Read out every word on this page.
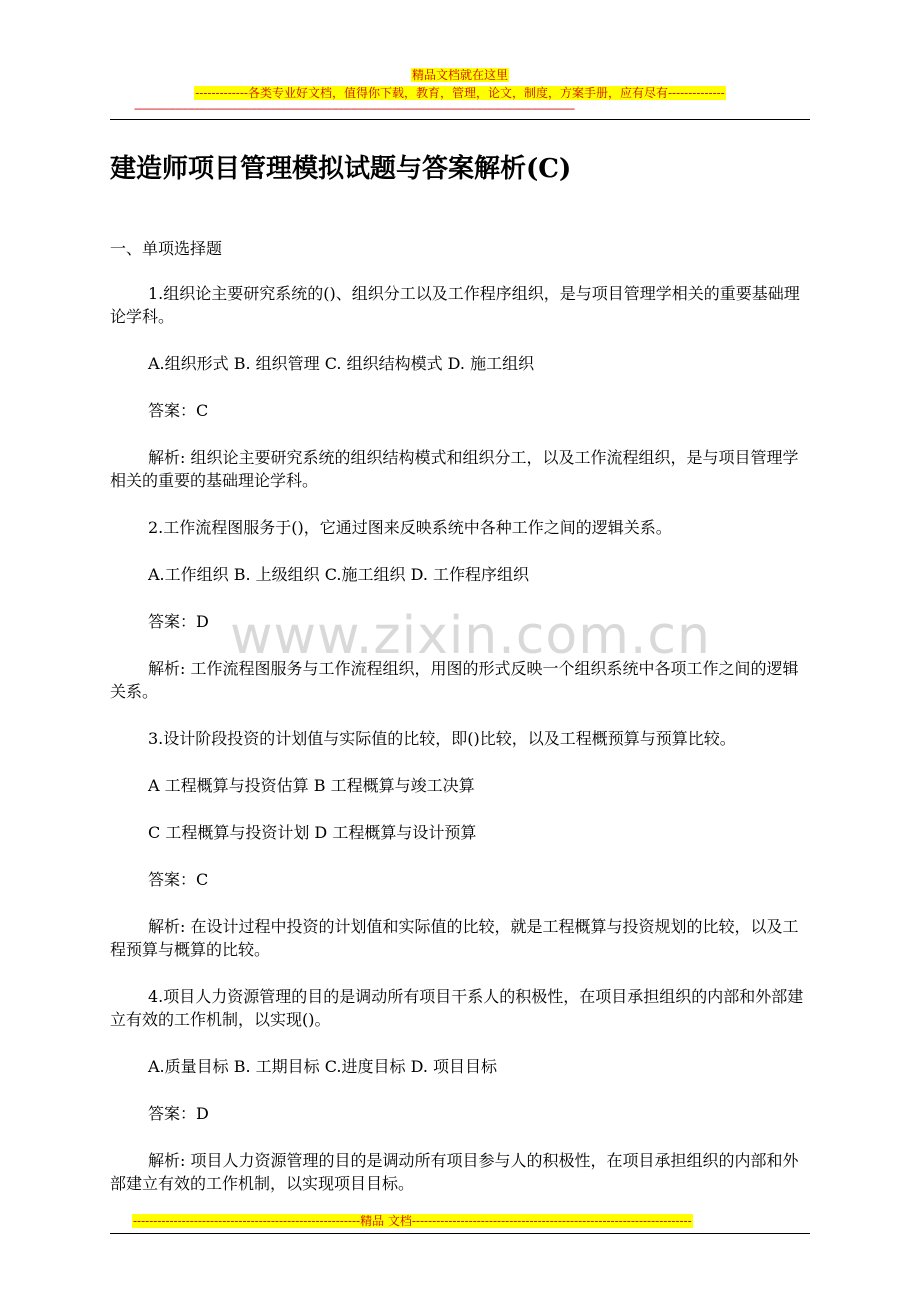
精品文档就在这里
-------------各类专业好文档，值得你下载，教育，管理，论文，制度，方案手册，应有尽有--------------
------------------------------------------------------------------------------------------------------------------------------------------------------------------
建造师项目管理模拟试题与答案解析(C)
一、单项选择题
www.zixin.com.cn

1.组织论主要研究系统的()、组织分工以及工作程序组织，是与项目管理学相关的重要基础理论学科。

A.组织形式 B. 组织管理 C. 组织结构模式 D. 施工组织

答案：C

解析: 组织论主要研究系统的组织结构模式和组织分工，以及工作流程组织，是与项目管理学相关的重要的基础理论学科。

2.工作流程图服务于()，它通过图来反映系统中各种工作之间的逻辑关系。

A.工作组织 B. 上级组织 C.施工组织 D. 工作程序组织

答案：D

解析: 工作流程图服务与工作流程组织，用图的形式反映一个组织系统中各项工作之间的逻辑关系。

3.设计阶段投资的计划值与实际值的比较，即()比较，以及工程概预算与预算比较。

A 工程概算与投资估算 B 工程概算与竣工决算

C 工程概算与投资计划 D 工程概算与设计预算

答案：C

解析: 在设计过程中投资的计划值和实际值的比较，就是工程概算与投资规划的比较，以及工程预算与概算的比较。

4.项目人力资源管理的目的是调动所有项目干系人的积极性，在项目承担组织的内部和外部建立有效的工作机制，以实现()。

A.质量目标 B. 工期目标 C.进度目标 D. 项目目标

答案：D

解析: 项目人力资源管理的目的是调动所有项目参与人的积极性，在项目承担组织的内部和外部建立有效的工作机制，以实现项目目标。

--------------------------------------------------------精品 文档---------------------------------------------------------------------
